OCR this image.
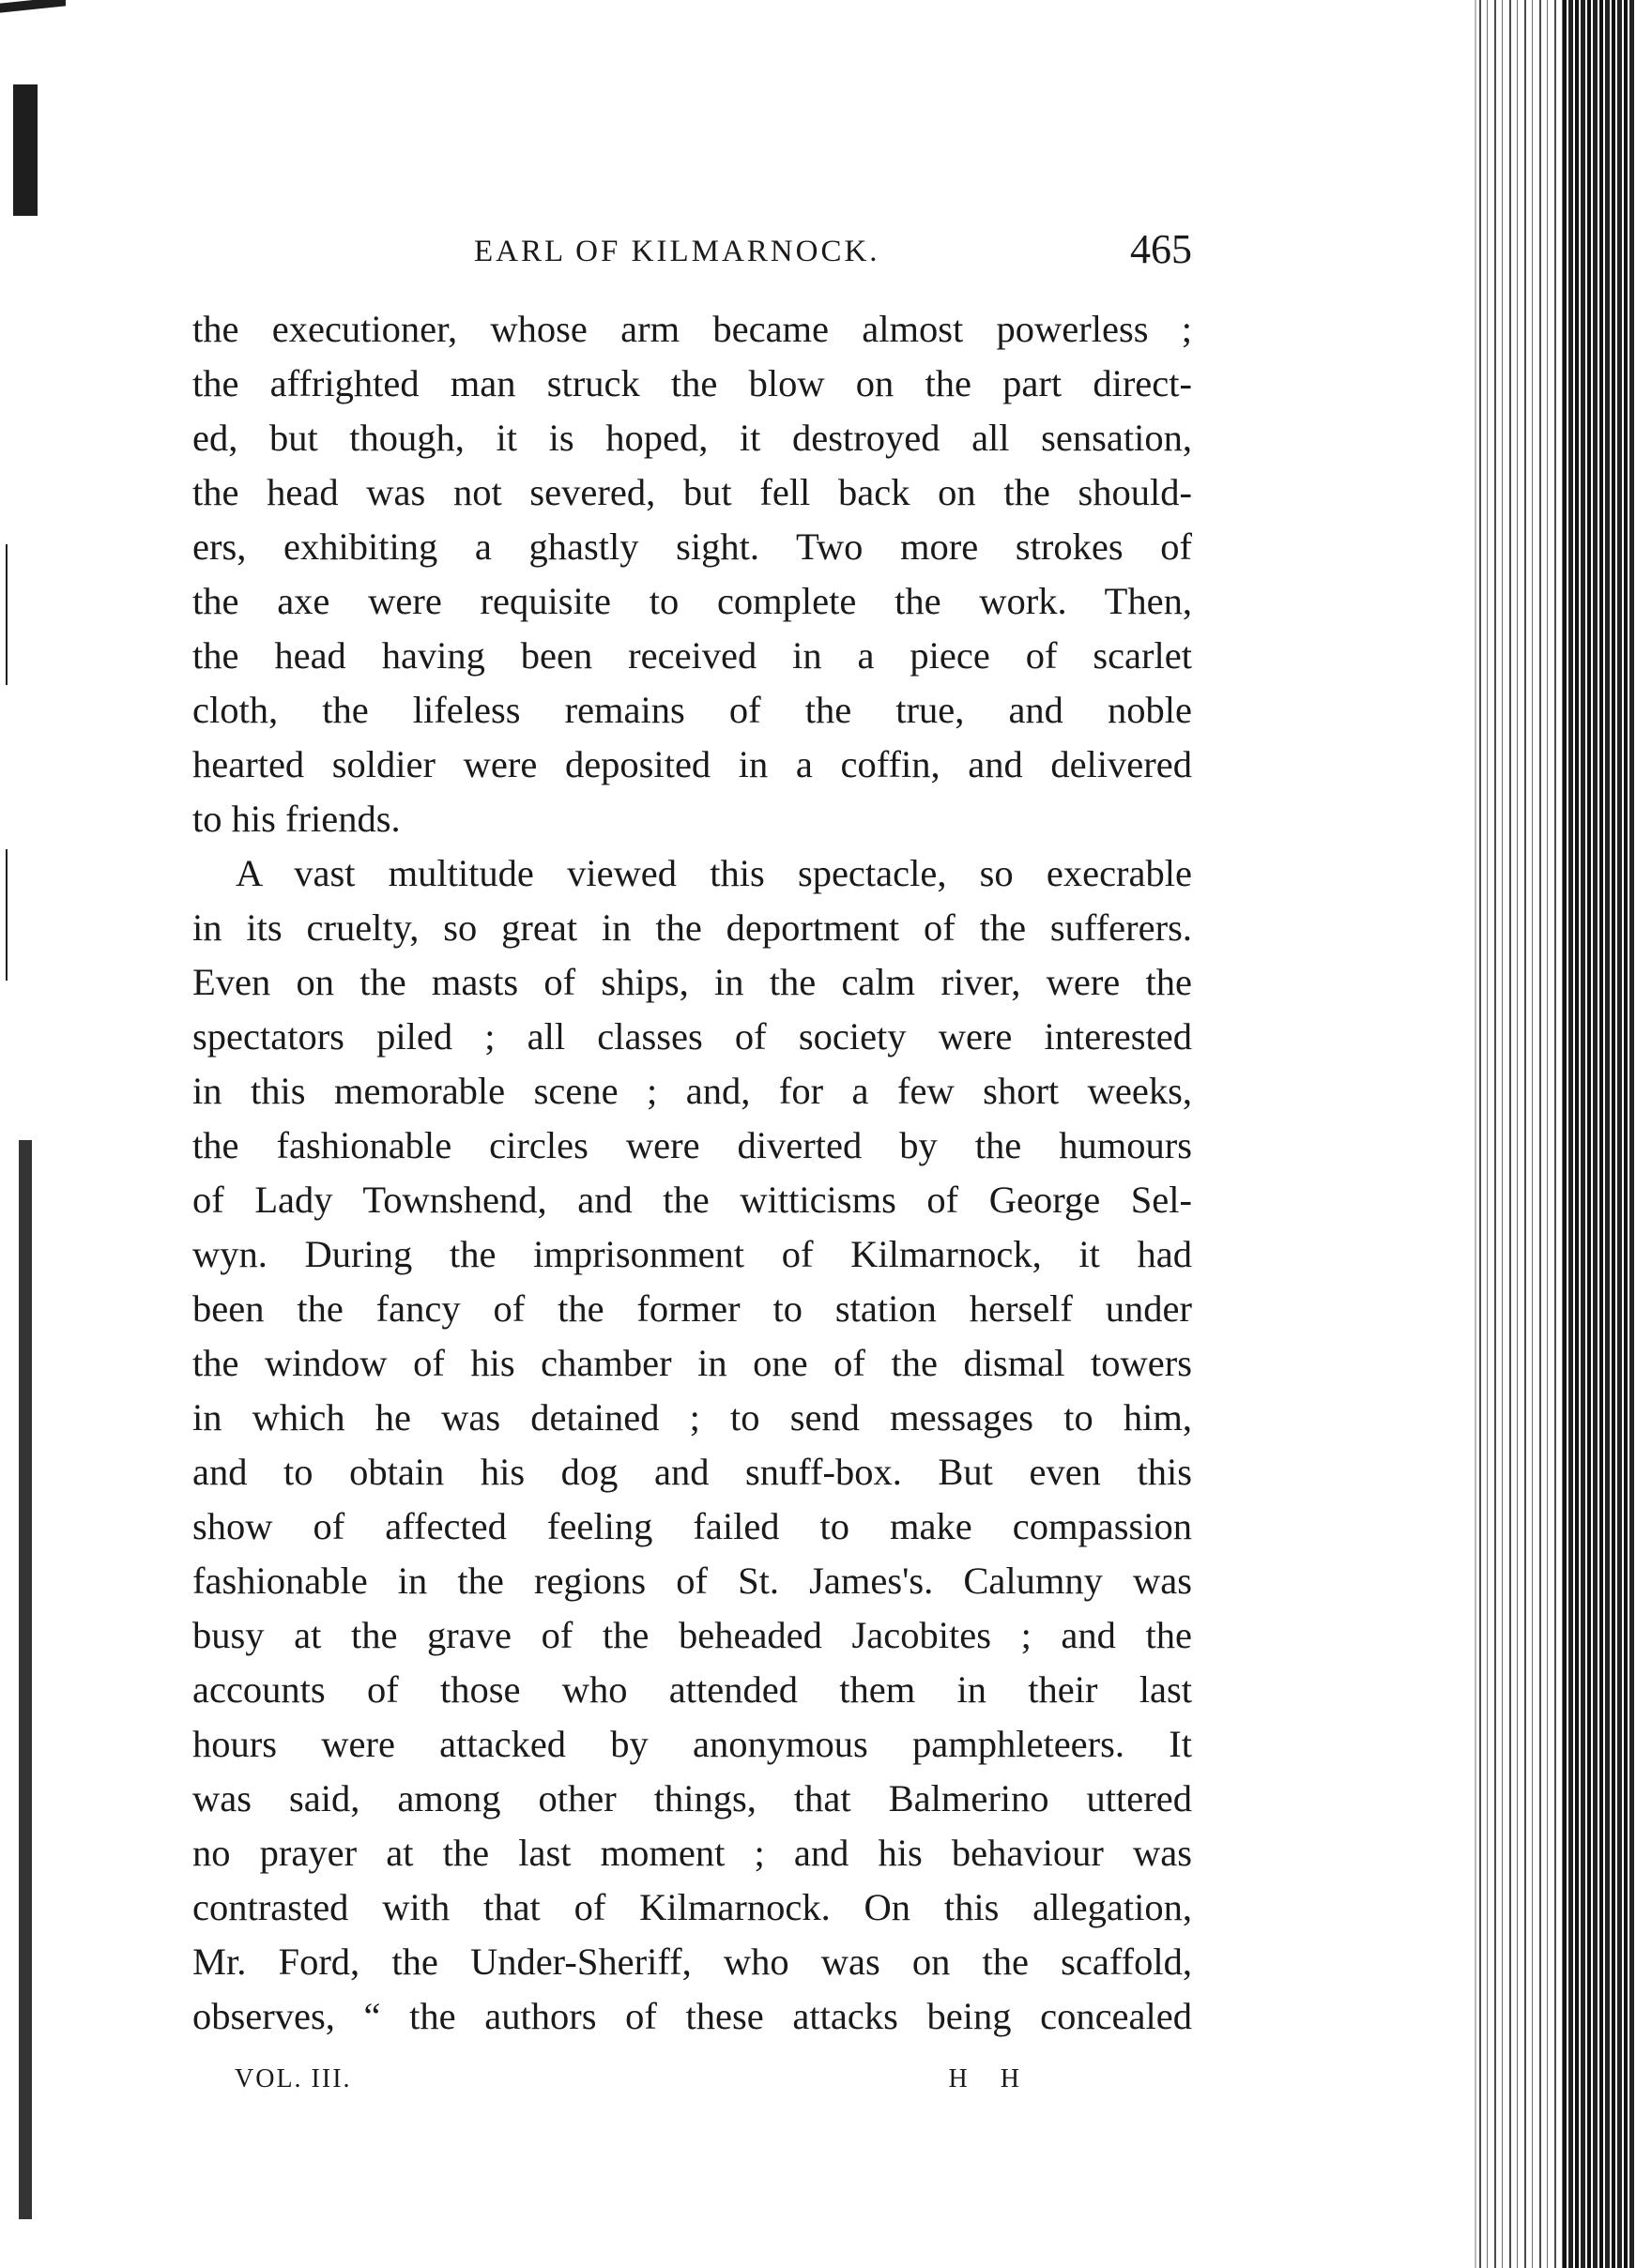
EARL OF KILMARNOCK.	465
the executioner, whose arm became almost powerless ;
the affrighted man struck the blow on the part direct-
ed, but though, it is hoped, it destroyed all sensation,
the head was not severed, but fell back on the should-
ers, exhibiting a ghastly sight. Two more strokes of
the axe were requisite to complete the work. Then,
the head having been received in a piece of scarlet
cloth, the lifeless remains of the true, and noble
hearted soldier were deposited in a coffin, and delivered
to his friends.
A vast multitude viewed this spectacle, so execrable
in its cruelty, so great in the deportment of the sufferers.
Even on the masts of ships, in the calm river, were the
spectators piled ; all classes of society were interested
in this memorable scene ; and, for a few short weeks,
the fashionable circles were diverted by the humours
of Lady Townshend, and the witticisms of George Sel-
wyn. During the imprisonment of Kilmarnock, it had
been the fancy of the former to station herself under
the window of his chamber in one of the dismal towers
in which he was detained ; to send messages to him,
and to obtain his dog and snuff-box. But even this
show of affected feeling failed to make compassion
fashionable in the regions of St. James's. Calumny was
busy at the grave of the beheaded Jacobites ; and the
accounts of those who attended them in their last
hours were attacked by anonymous pamphleteers. It
was said, among other things, that Balmerino uttered
no prayer at the last moment ; and his behaviour was
contrasted with that of Kilmarnock. On this allegation,
Mr. Ford, the Under-Sheriff, who was on the scaffold,
observes, “ the authors of these attacks being concealed
VOL. III.	H H
